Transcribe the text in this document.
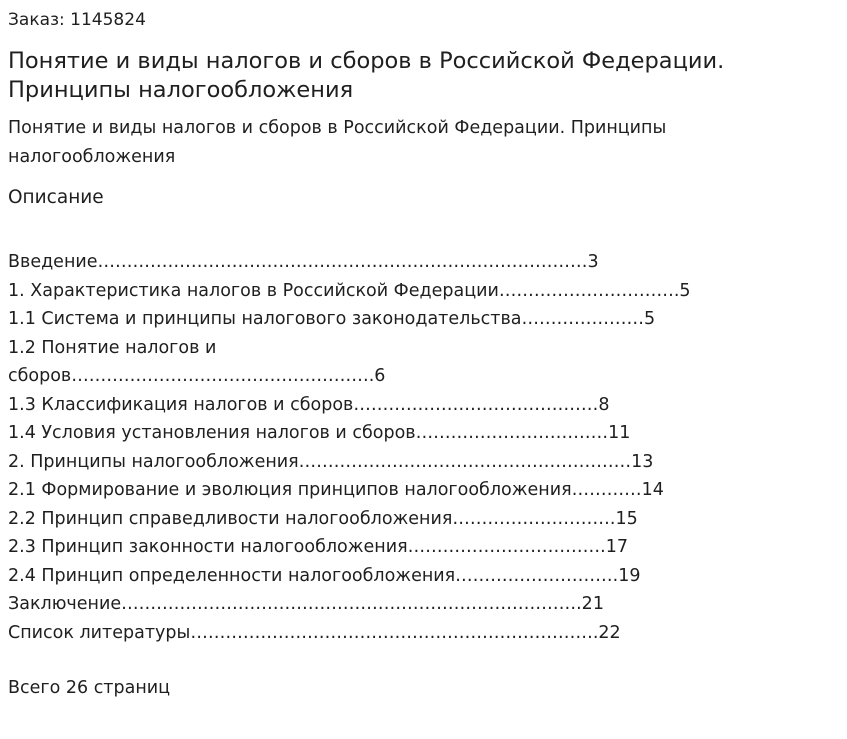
Заказ: 1145824
Понятие и виды налогов и сборов в Российской Федерации.
Принципы налогообложения
Понятие и виды налогов и сборов в Российской Федерации. Принципы
налогообложения
Описание
Введение…………………………………………………………………………3
1. Характеристика налогов в Российской Федерации………………………….5
1.1 Система и принципы налогового законодательства…………………5
1.2 Понятие налогов и
сборов…………………………………………….6
1.3 Классификация налогов и сборов……………………………………8
1.4 Условия установления налогов и сборов……………………………11
2. Принципы налогообложения…………………………………………………13
2.1 Формирование и эволюция принципов налогообложения…………14
2.2 Принцип справедливости налогообложения……………………….15
2.3 Принцип законности налогообложения…………………………….17
2.4 Принцип определенности налогообложения……………………….19
Заключение…………………………………………………………………….21
Список литературы…………………………………………………………….22
Всего 26 страниц
